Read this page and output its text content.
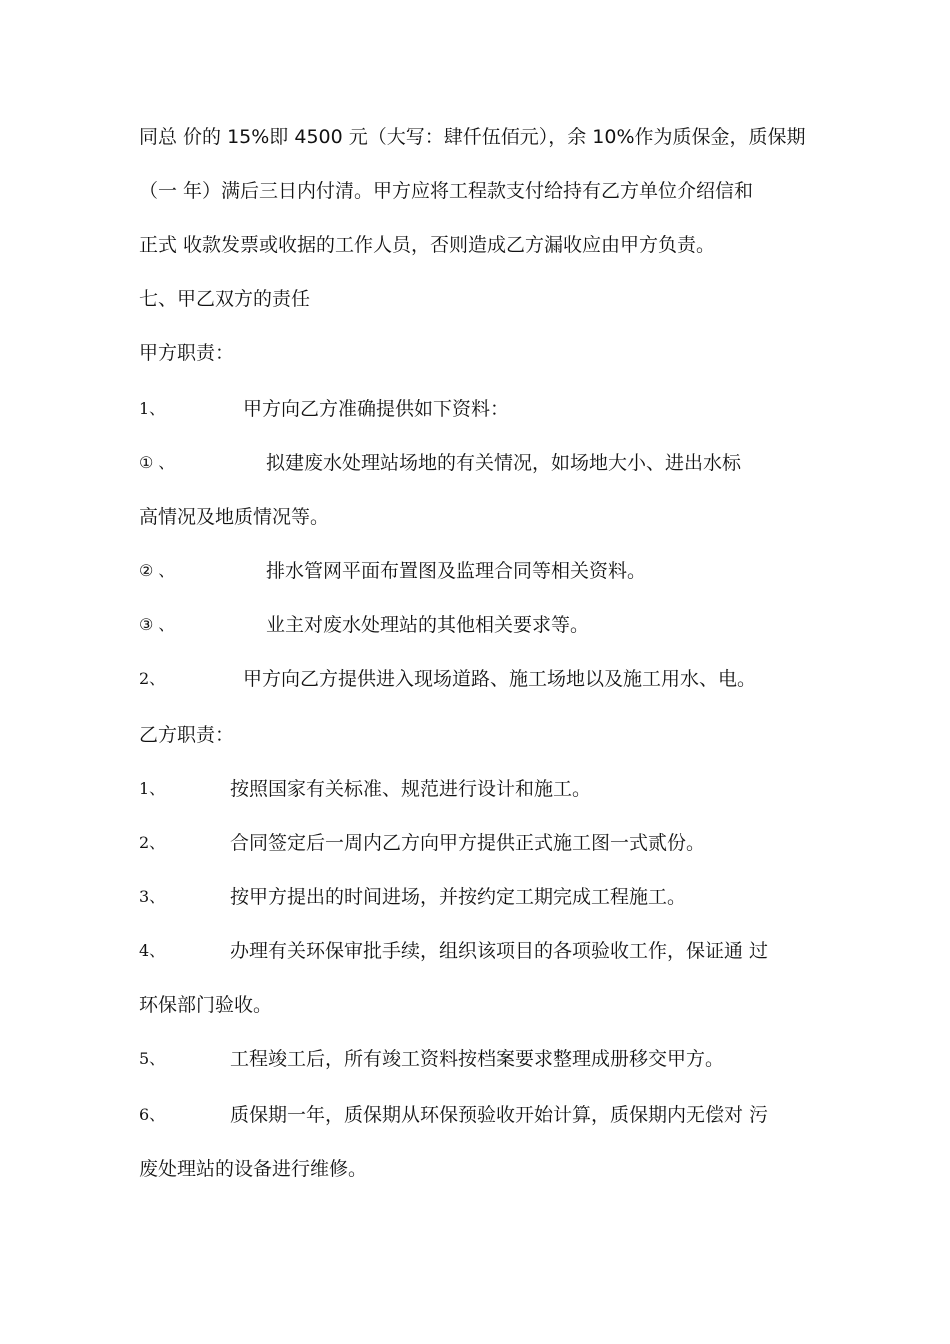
同总 价的 15%即 4500 元（大写：肆仟伍佰元），余 10%作为质保金，质保期
（一 年）满后三日内付清。甲方应将工程款支付给持有乙方单位介绍信和
正式 收款发票或收据的工作人员，否则造成乙方漏收应由甲方负责。
七、甲乙双方的责任
甲方职责：
1、	甲方向乙方准确提供如下资料：
① 、	拟建废水处理站场地的有关情况，如场地大小、进出水标
高情况及地质情况等。
② 、	排水管网平面布置图及监理合同等相关资料。
③ 、	业主对废水处理站的其他相关要求等。
2、	甲方向乙方提供进入现场道路、施工场地以及施工用水、电。
乙方职责：
1、	按照国家有关标准、规范进行设计和施工。
2、	合同签定后一周内乙方向甲方提供正式施工图一式贰份。
3、	按甲方提出的时间进场，并按约定工期完成工程施工。
4、	办理有关环保审批手续，组织该项目的各项验收工作，保证通 过
环保部门验收。
5、	工程竣工后，所有竣工资料按档案要求整理成册移交甲方。
6、	质保期一年，质保期从环保预验收开始计算，质保期内无偿对 污
废处理站的设备进行维修。
